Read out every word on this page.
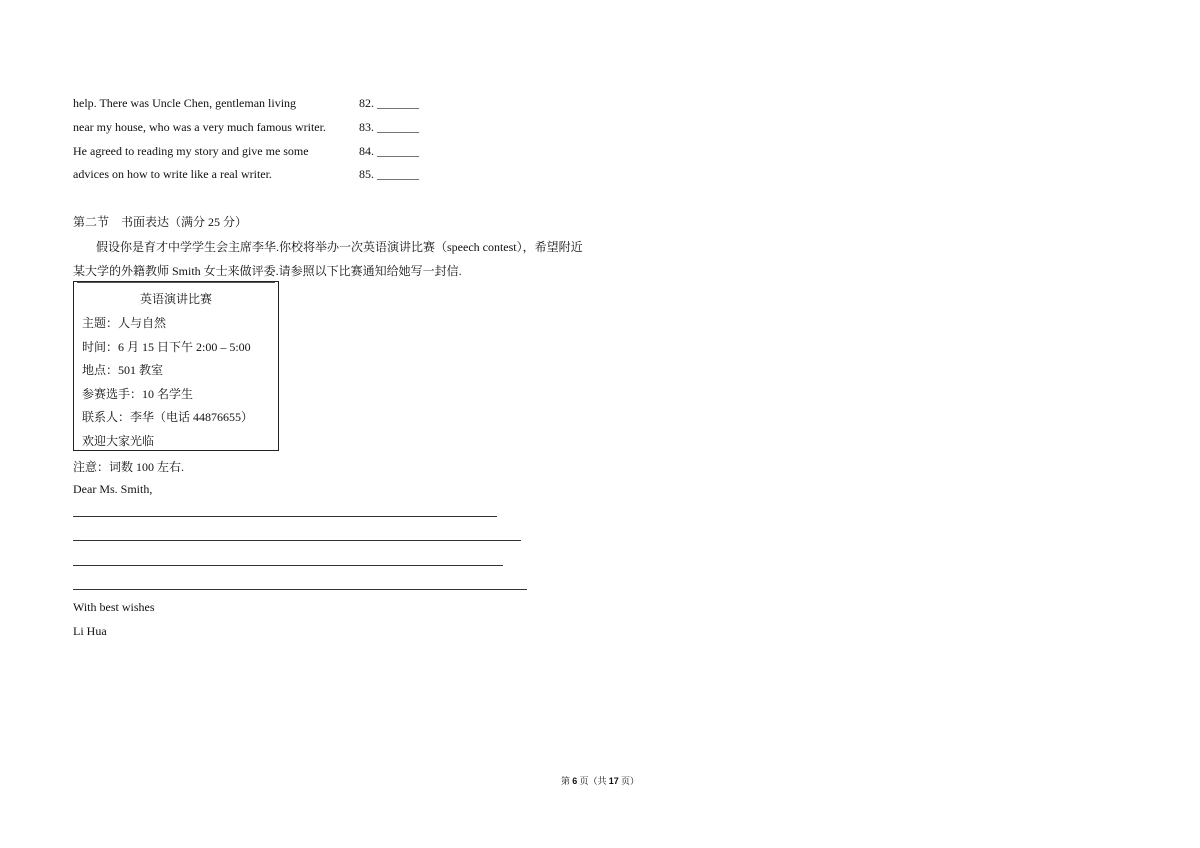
help. There was Uncle Chen, gentleman living	82. _______
near my house, who was a very much famous writer.	83. _______
He agreed to reading my story and give me some	84. _______
advices on how to write like a real writer.	85. _______
第二节　书面表达（满分 25 分）
假设你是育才中学学生会主席李华.你校将举办一次英语演讲比赛（speech contest），希望附近
某大学的外籍教师 Smith 女士来做评委.请参照以下比赛通知给她写一封信.
英语演讲比赛
主题：人与自然
时间：6 月 15 日下午 2:00 – 5:00
地点：501 教室
参赛选手：10 名学生
联系人：李华（电话 44876655）
欢迎大家光临
注意：词数 100 左右.
Dear Ms. Smith,
With best wishes
Li Hua
第 6 页（共 17 页）
